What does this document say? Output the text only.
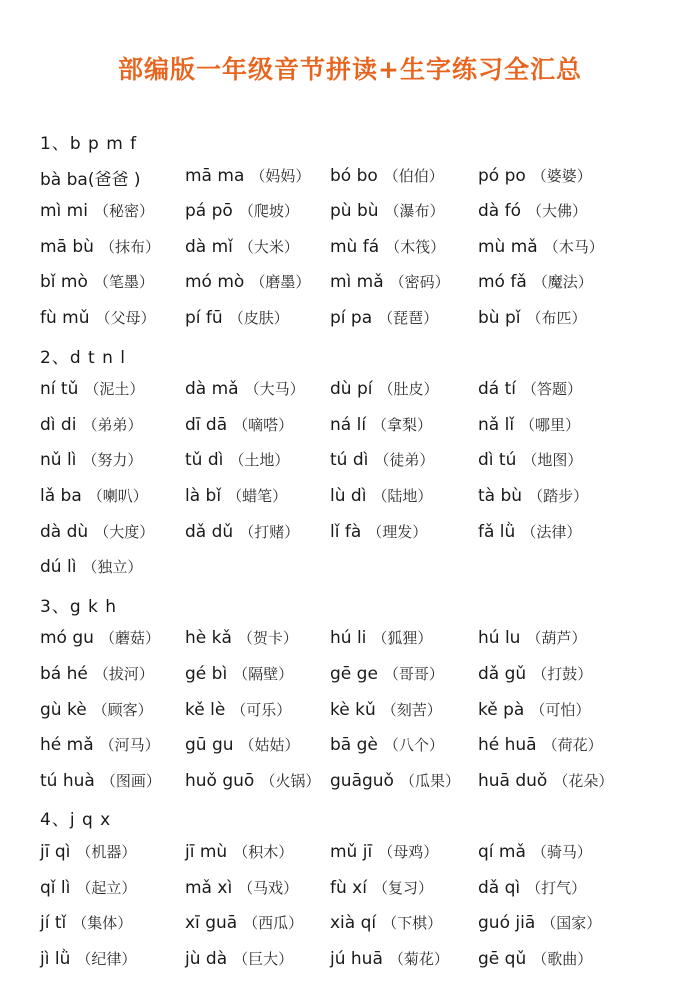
部编版一年级音节拼读+生字练习全汇总
1、b p m f
bà ba(爸爸 )	mā ma （妈妈） bó bo （伯伯） pó po （婆婆）
mì mi （秘密） pá pō （爬坡） pù bù （瀑布） dà fó （大佛）
mā bù （抹布） dà mǐ （大米） mù fá （木筏） mù mǎ （木马）
bǐ mò （笔墨） mó mò （磨墨） mì mǎ （密码） mó fǎ （魔法）
fù mǔ （父母） pí fū （皮肤） pí pa （琵琶） bù pǐ （布匹）
2、d t n l
ní tǔ （泥土） dà mǎ （大马） dù pí （肚皮） dá tí （答题）
dì di （弟弟）	dī dā （嘀嗒） ná lí （拿梨）	nǎ lǐ （哪里）
nǔ lì （努力）	tǔ dì （土地） tú dì （徒弟）	dì tú （地图）
lǎ ba （喇叭） là bǐ （蜡笔）	lù dì （陆地）	tà bù （踏步）
dà dù （大度） dǎ dǔ （打赌） lǐ fà （理发）	fǎ lǜ （法律）
dú lì （独立）
3、g k h
mó gu （蘑菇） hè kǎ （贺卡） hú li （狐狸）	hú lu （葫芦）
bá hé （拔河） gé bì （隔壁） gē ge （哥哥） dǎ gǔ （打鼓）
gù kè （顾客） kě lè （可乐） kè kǔ （刻苦） kě pà （可怕）
hé mǎ （河马） gū gu （姑姑） bā gè （八个） hé huā （荷花）
tú huà （图画） huǒ guō （火锅） guāguǒ （瓜果） huā duǒ （花朵）
4、j q x
jī qì （机器）	jī mù （积木） mǔ jī （母鸡） qí mǎ （骑马）
qǐ lì （起立）	mǎ xì （马戏） fù xí （复习）	dǎ qì （打气）
jí tǐ （集体）	xī guā （西瓜） xià qí （下棋） guó jiā （国家）
jì lǜ （纪律）	jù dà （巨大） jú huā （菊花） gē qǔ （歌曲）
